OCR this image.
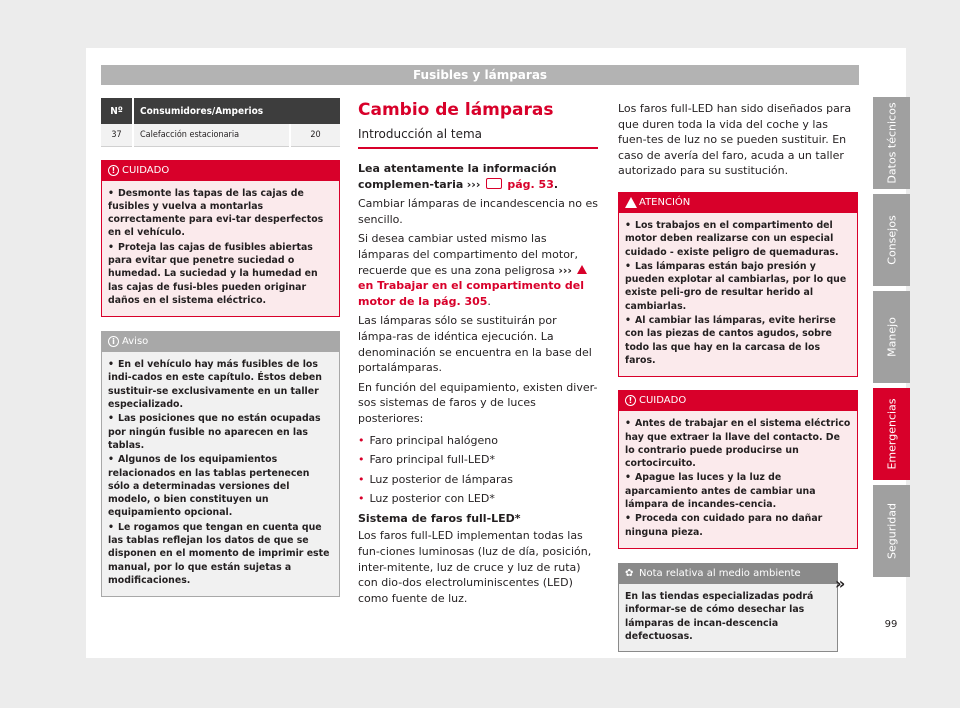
Fusibles y lámparas
Nº	Consumidores/Amperios	
37	Calefacción estacionaria	20
! CUIDADO

• Desmonte las tapas de las cajas de fusibles y vuelva a montarlas correctamente para evi-tar desperfectos en el vehículo.

• Proteja las cajas de fusibles abiertas para evitar que penetre suciedad o humedad. La suciedad y la humedad en las cajas de fusi-bles pueden originar daños en el sistema eléctrico.

i Aviso

• En el vehículo hay más fusibles de los indi-cados en este capítulo. Éstos deben sustituir-se exclusivamente en un taller especializado.

• Las posiciones que no están ocupadas por ningún fusible no aparecen en las tablas.

• Algunos de los equipamientos relacionados en las tablas pertenecen sólo a determinadas versiones del modelo, o bien constituyen un equipamiento opcional.

• Le rogamos que tengan en cuenta que las tablas reflejan los datos de que se disponen en el momento de imprimir este manual, por lo que están sujetas a modificaciones.

Cambio de lámparas
Introducción al tema
Lea atentamente la información complemen-taria ››› pág. 53.
Cambiar lámparas de incandescencia no es sencillo.
Si desea cambiar usted mismo las lámparas del compartimento del motor, recuerde que es una zona peligrosa ›››  en Trabajar en el compartimento del motor de la pág. 305.
Las lámparas sólo se sustituirán por lámpa-ras de idéntica ejecución. La denominación se encuentra en la base del portalámparas.
En función del equipamiento, existen diver-sos sistemas de faros y de luces posteriores:
• Faro principal halógeno
• Faro principal full-LED*
• Luz posterior de lámparas
• Luz posterior con LED*
Sistema de faros full-LED*
Los faros full-LED implementan todas las fun-ciones luminosas (luz de día, posición, inter-mitente, luz de cruce y luz de ruta) con dio-dos electroluminiscentes (LED) como fuente de luz.
Los faros full-LED han sido diseñados para que duren toda la vida del coche y las fuen-tes de luz no se pueden sustituir. En caso de avería del faro, acuda a un taller autorizado para su sustitución.
ATENCIÓN

• Los trabajos en el compartimento del motor deben realizarse con un especial cuidado - existe peligro de quemaduras.

• Las lámparas están bajo presión y pueden explotar al cambiarlas, por lo que existe peli-gro de resultar herido al cambiarlas.

• Al cambiar las lámparas, evite herirse con las piezas de cantos agudos, sobre todo las que hay en la carcasa de los faros.

! CUIDADO

• Antes de trabajar en el sistema eléctrico hay que extraer la llave del contacto. De lo contrario puede producirse un cortocircuito.

• Apague las luces y la luz de aparcamiento antes de cambiar una lámpara de incandes-cencia.

• Proceda con cuidado para no dañar ninguna pieza.

✿ Nota relativa al medio ambiente
En las tiendas especializadas podrá informar-se de cómo desechar las lámparas de incan-descencia defectuosas.
»
Datos técnicos
Consejos
Manejo
Emergencias
Seguridad
99
